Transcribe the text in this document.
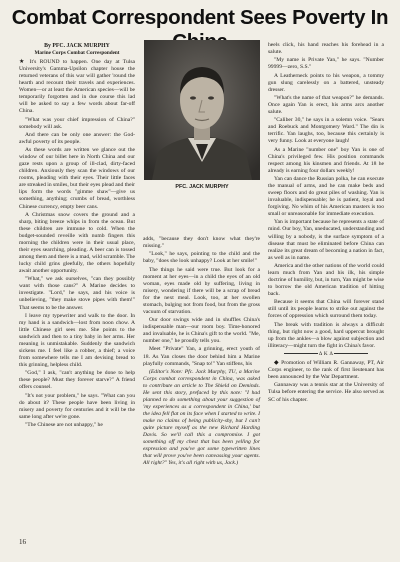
Combat Correspondent Sees Poverty In
By PFC. JACK MURPHY
Marine Corps Combat Correspondent

★ It's ROUND to happen. One day at Tulsa University's Gamma-Upsilon chapter house the returned veterans of this war will gather 'round the hearth and recount their travels and experiences. Women—or at least the American species—will be temporarily forgotten and in due course this lad will be asked to say a few words about far-off China.

"What was your chief impression of China?" somebody will ask.

And there can be only one answer: the God-awful poverty of its people.

As these words are written we glance out the window of our billet here in North China and our gaze rests upon a group of ill-clad, dirty-faced children. Anxiously they scan the windows of our rooms, pleading with their eyes. Their little faces are streaked in smiles, but their eyes plead and their lips form the words "gimme shaw"—give us something, anything; crumbs of bread, worthless Chinese currency, empty beer cans.

A Christmas snow covers the ground and a sharp, biting breeze whips in from the ocean. But these children are immune to cold. When the budget-sounded reveille with numb fingers this morning the children were in their usual place, their eyes searching, pleading. A beer can is tossed among them and there is a mad, wild scramble. The lucky child grins gleefully, the others hopefully await another opportunity.

"What," we ask ourselves, "can they possibly want with those cans?" A Marine decides to investigate. "Lord," he says, and his voice is unbelieving, "they make stove pipes with them!" That seems to be the answer.

I leave my typewriter and walk to the door. In my hand is a sandwich—lost from noon chow. A little Chinese girl sees me. She points to the sandwich and then to a tiny baby in her arms. Her meaning is unmistakable. Suddenly the sandwich sickens me. I feel like a robber, a thief; a voice from somewhere tells me I am devising bread to this grinning, helpless child.

"God," I ask, "can't anything be done to help these people? Must they forever starve?" A friend offers counsel.

"It's not your problem," he says. "What can you do about it? These people have been living in misery and poverty for centuries and it will be the same long after we're gone.

"The Chinese are not unhappy," he

PFC. JACK MURPHY

adds, "because they don't know what they're missing."

"Look," he says, pointing to the child and the baby, "does she look unhappy? Look at her smile!"

The things he said were true. But look for a moment at her eyes—in a child the eyes of an old woman, eyes made old by suffering, living in misery, wondering if there will be a scrap of bread for the next meal. Look, too, at her swollen stomach, bulging not from food, but from the gross vacuum of starvation.

Our door swings wide and in shuffles China's indispensable man—our room boy. Time-honored and invaluable, he is China's gift to the world. "Me, number one," he proudly tells you.

Meet "Private" Yan, a grinning, erect youth of 18. As Yan closes the door behind him a Marine playfully commands, "Snap to!" Yan stiffens, his

(Editor's Note: Pfc. Jack Murphy, TU, a Marine Corps combat correspondent in China, was asked to contribute an article to The Shield on Deminds. He sent this story, prefaced by this note: "I had planned to do something about your suggestion of 'my experiences as a correspondent in China,' but the idea fell flat on its face when I started to write. I make no claims of being publicity-shy, but I can't quite picture myself as the new Richard Harding Davis. So we'll call this a compromise. I got something off my chest that has been yelling for expression and you've got some typewritten lines that will prove you've been canvassing your agents. All right?" Yes, it's all right with us, Jack.)

heels click, his hand reaches his forehead in a salute.

"My name is Private Yan," he says. "Number 99999—zero, S.S."

A Leatherneck points to his weapon, a tommy gun slung carelessly on a battered, unsteady dresser.

"What's the name of that weapon?" he demands. Once again Yan is erect, his arms arcs another salute.

"Caliber 30," he says in a solemn voice. "Sears and Roebuck and Montgomery Ward." The din is terrific. Yan laughs, too, because this certainly is very funny. Look at everyone laugh!

As a Marine "number one" boy Yan is one of China's privileged few. His position commands respect among his kinsmen and friends. At 18 he already is earning four dollars weekly!

Yan can dance the Russian polka, he can execute the manual of arms, and he can make beds and sweep floors and do great piles of washing. Yan is invaluable, indispensable; he is patient, loyal and forgiving. No whim of his American masters is too small or unreasonable for immediate execution.

Yan is important because he represents a state of mind. Our boy, Yan, uneducated, understanding and willing by a nobody, is the surface symptom of a disease that must be eliminated before China can realize its great dream of becoming a nation in fact, as well as in name.

America and the other nations of the world could learn much from Yan and his ilk, his simple doctrine of humility, but, in turn, Yan might be wise to borrow the old American tradition of hitting back.

Because it seems that China will forever stand still until its people learns to strike out against the forces of oppression which surround them today.

The break with tradition is always a difficult thing, but right now a good, hard uppercut brought up from the ankles—a blow against subjection and illiteracy—might turn the fight in China's favor.

Δ K Δ

◆ Promotion of William R. Gannaway, PT, Air Corps engineer, to the rank of first lieutenant has been announced by the War Department.

Gannaway was a tennis star at the University of Tulsa before entering the service. He also served as SC of his chapter.

16
